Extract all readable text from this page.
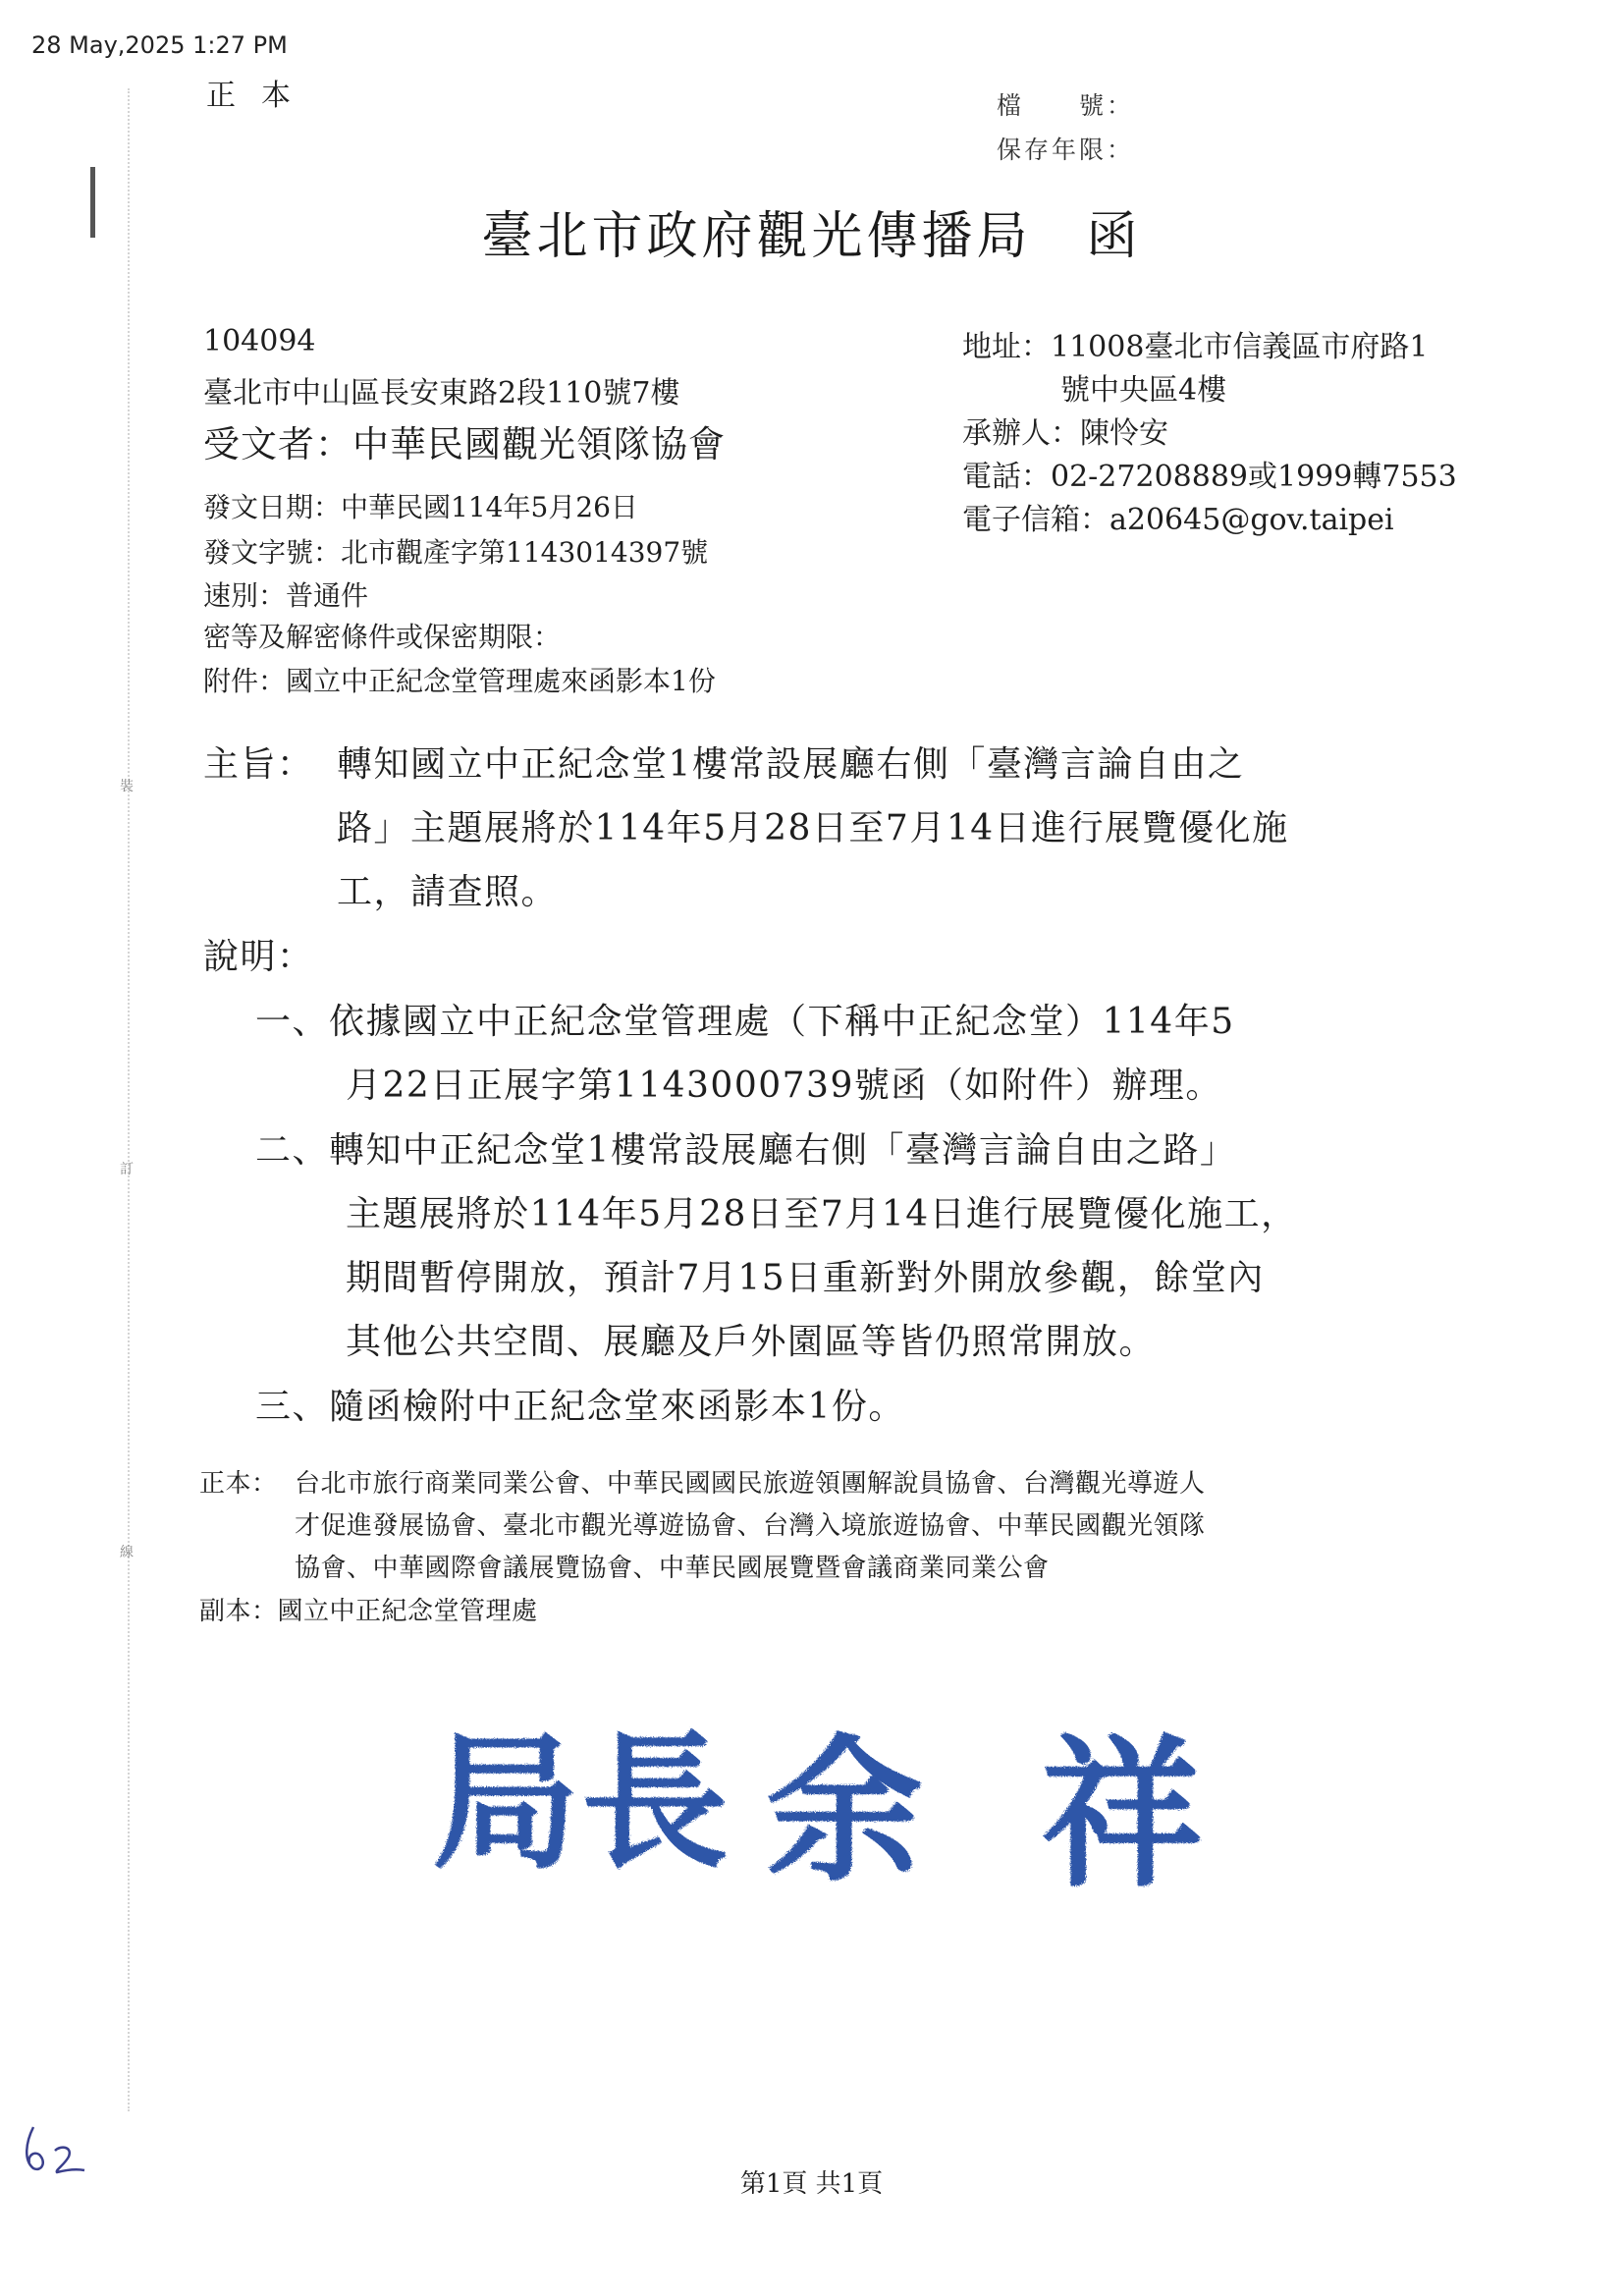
28 May,2025 1:27 PM
裝
訂
線
正本	檔　　號：
保存年限：
臺北市政府觀光傳播局　函
104094
臺北市中山區長安東路2段110號7樓
受文者：中華民國觀光領隊協會
地址：11008臺北市信義區市府路1
號中央區4樓
承辦人：陳怜安
電話：02-27208889或1999轉7553
電子信箱：a20645@gov.taipei
發文日期：中華民國114年5月26日
發文字號：北市觀產字第1143014397號
速別：普通件
密等及解密條件或保密期限：
附件：國立中正紀念堂管理處來函影本1份
主旨： 轉知國立中正紀念堂1樓常設展廳右側「臺灣言論自由之
路」主題展將於114年5月28日至7月14日進行展覽優化施
工，請查照。
說明：
一、依據國立中正紀念堂管理處（下稱中正紀念堂）114年5
月22日正展字第1143000739號函（如附件）辦理。
二、轉知中正紀念堂1樓常設展廳右側「臺灣言論自由之路」
主題展將於114年5月28日至7月14日進行展覽優化施工，
期間暫停開放，預計7月15日重新對外開放參觀，餘堂內
其他公共空間、展廳及戶外園區等皆仍照常開放。
三、隨函檢附中正紀念堂來函影本1份。
正本： 台北市旅行商業同業公會、中華民國國民旅遊領團解說員協會、台灣觀光導遊人
才促進發展協會、臺北市觀光導遊協會、台灣入境旅遊協會、中華民國觀光領隊
協會、中華國際會議展覽協會、中華民國展覽暨會議商業同業公會
副本：國立中正紀念堂管理處
局 長 余 祥
第1頁 共1頁
